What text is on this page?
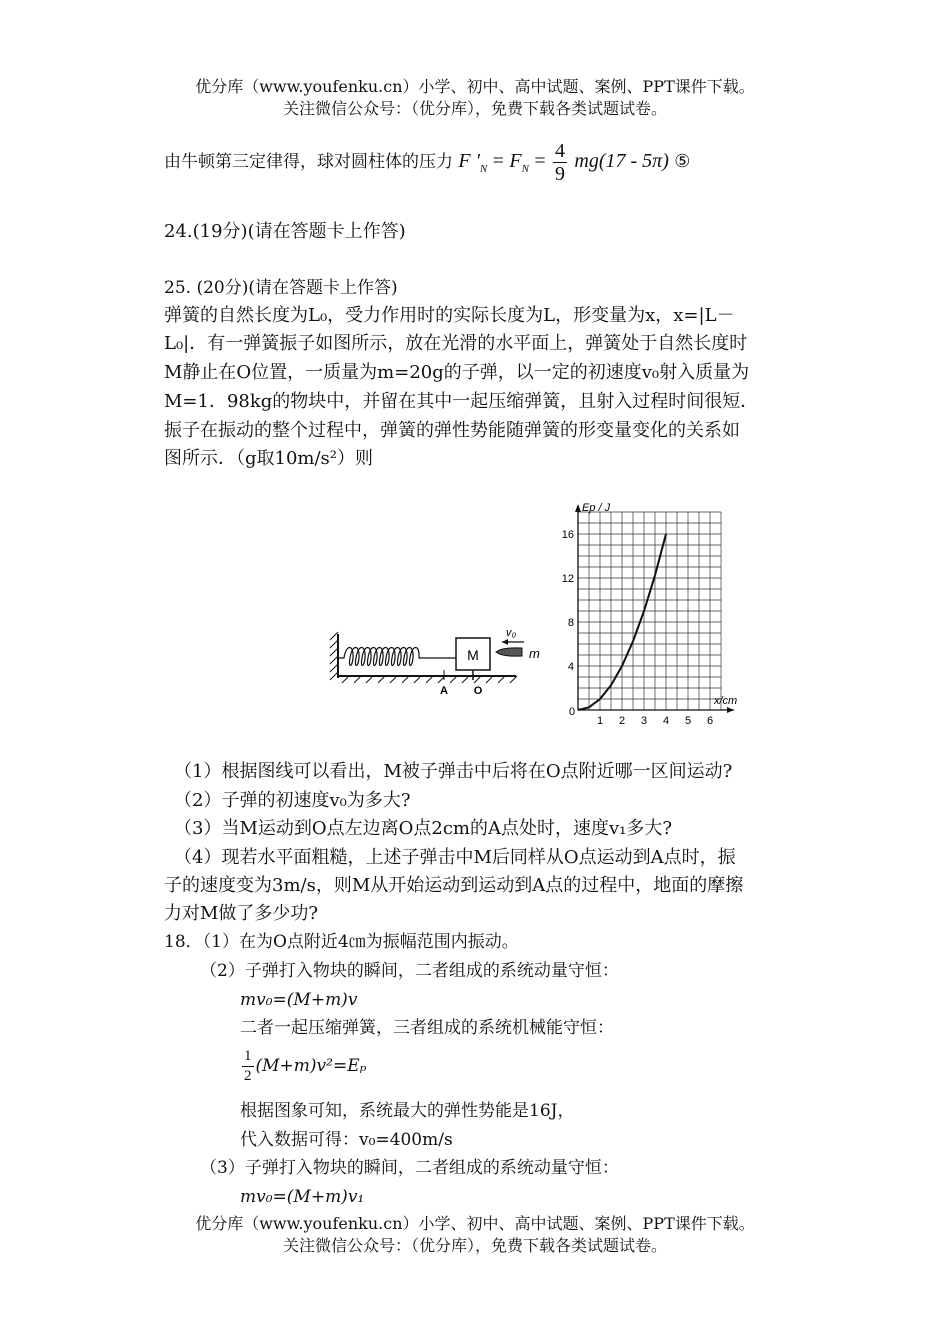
优分库（www.youfenku.cn）小学、初中、高中试题、案例、PPT课件下载。
关注微信公众号：（优分库），免费下载各类试题试卷。
由牛顿第三定律得，球对圆柱体的压力 F '$_N = F_N = \frac{4}{9} mg(17 - 5\pi)$ ⑤
24.(19分)(请在答题卡上作答)
25. (20分)(请在答题卡上作答)
弹簧的自然长度为L₀，受力作用时的实际长度为L，形变量为x，x=|L－
L₀|．有一弹簧振子如图所示，放在光滑的水平面上，弹簧处于自然长度时
M静止在O位置，一质量为m=20g的子弹，以一定的初速度v₀射入质量为
M=1．98kg的物块中，并留在其中一起压缩弹簧，且射入过程时间很短．
振子在振动的整个过程中，弹簧的弹性势能随弹簧的形变量变化的关系如
图所示．（g取10m/s²）则
M	m
v₀
A O
Ep / J
x/cm
0
1 2 3 4 5 6
4
8
12
16
（1）根据图线可以看出，M被子弹击中后将在O点附近哪一区间运动?
（2）子弹的初速度v₀为多大?
（3）当M运动到O点左边离O点2cm的A点处时，速度v₁多大?
（4）现若水平面粗糙，上述子弹击中M后同样从O点运动到A点时，振
子的速度变为3m/s，则M从开始运动到运动到A点的过程中，地面的摩擦
力对M做了多少功?
18．（1）在为O点附近4㎝为振幅范围内振动。
（2）子弹打入物块的瞬间，二者组成的系统动量守恒：
mv₀=(M+m)v
二者一起压缩弹簧，三者组成的系统机械能守恒：
$\frac{1}{2} (M+m)v^2=E_p$
根据图象可知，系统最大的弹性势能是16J，
代入数据可得：v₀=400m/s
（3）子弹打入物块的瞬间，二者组成的系统动量守恒：
mv₀=(M+m)v₁
优分库（www.youfenku.cn）小学、初中、高中试题、案例、PPT课件下载。
关注微信公众号：（优分库），免费下载各类试题试卷。
